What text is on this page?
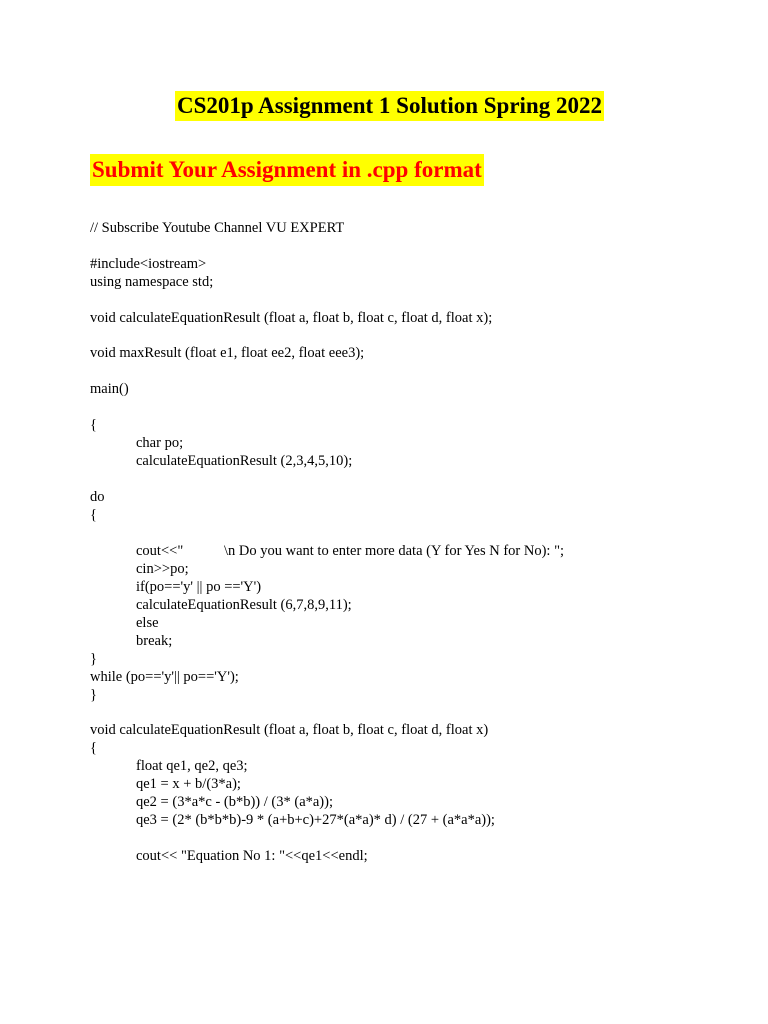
CS201p Assignment 1 Solution Spring 2022
Submit Your Assignment in .cpp format
// Subscribe Youtube Channel VU EXPERT
#include<iostream>
using namespace std;
void calculateEquationResult (float a, float b, float c, float d, float x);
void maxResult (float e1, float ee2, float eee3);
main()
{
char po;
calculateEquationResult (2,3,4,5,10);
do
{
cout<<"	\n Do you want to enter more data (Y for Yes N for No): ";
cin>>po;
if(po=='y' || po =='Y')
calculateEquationResult (6,7,8,9,11);
else
break;
}
while (po=='y'|| po=='Y');
}
void calculateEquationResult (float a, float b, float c, float d, float x)
{
float qe1, qe2, qe3;
qe1 = x + b/(3*a);
qe2 = (3*a*c - (b*b)) / (3* (a*a));
qe3 = (2* (b*b*b)-9 * (a+b+c)+27*(a*a)* d) / (27 + (a*a*a));
cout<< "Equation No 1: "<<qe1<<endl;
